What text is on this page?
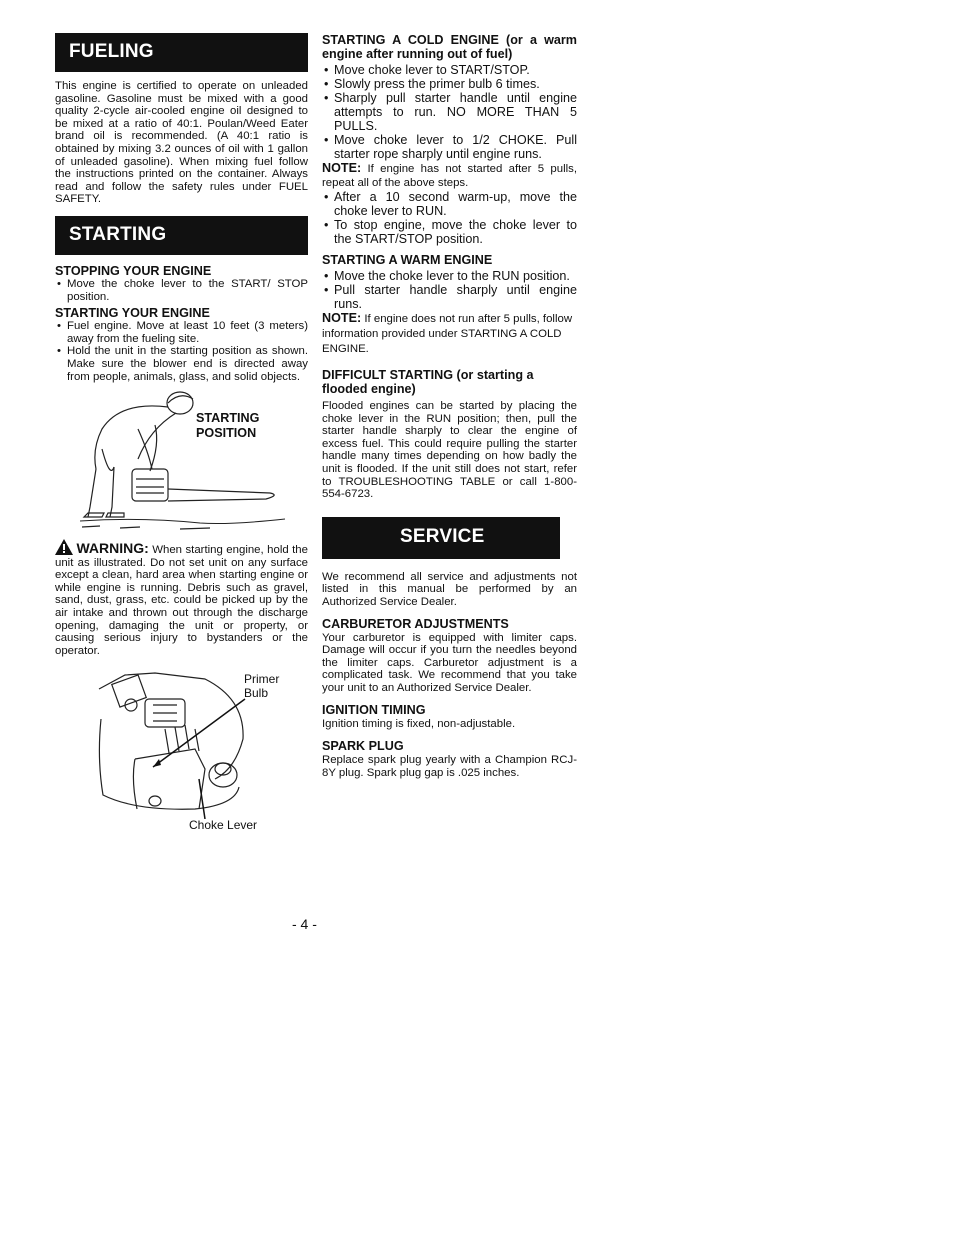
FUELING

This engine is certified to operate on unleaded gasoline. Gasoline must be mixed with a good quality 2-cycle air-cooled engine oil designed to be mixed at a ratio of 40:1. Poulan/Weed Eater brand oil is recommended. (A 40:1 ratio is obtained by mixing 3.2 ounces of oil with 1 gallon of unleaded gasoline). When mixing fuel follow the instructions printed on the container. Always read and follow the safety rules under FUEL SAFETY.

STARTING
STOPPING YOUR ENGINE
• Move the choke lever to the START/ STOP position.
STARTING YOUR ENGINE
• Fuel engine. Move at least 10 feet (3 meters) away from the fueling site.
• Hold the unit in the starting position as shown. Make sure the blower end is directed away from people, animals, glass, and solid objects.
STARTING
POSITION
WARNING: When starting engine, hold the unit as illustrated. Do not set unit on any surface except a clean, hard area when starting engine or while engine is running. Debris such as gravel, sand, dust, grass, etc. could be picked up by the air intake and thrown out through the discharge opening, damaging the unit or property, or causing serious injury to bystanders or the operator.
Primer
Bulb
Choke Lever
STARTING A COLD ENGINE (or a warm engine after running out of fuel)
• Move choke lever to START/STOP.
• Slowly press the primer bulb 6 times.
• Sharply pull starter handle until engine attempts to run. NO MORE THAN 5 PULLS.
• Move choke lever to 1/2 CHOKE. Pull starter rope sharply until engine runs.
NOTE: If engine has not started after 5 pulls, repeat all of the above steps.
• After a 10 second warm-up, move the choke lever to RUN.
• To stop engine, move the choke lever to the START/STOP position.
STARTING A WARM ENGINE
• Move the choke lever to the RUN position.
• Pull starter handle sharply until engine runs.
NOTE: If engine does not run after 5 pulls, follow information provided under STARTING A COLD ENGINE.
DIFFICULT STARTING (or starting a flooded engine)

Flooded engines can be started by placing the choke lever in the RUN position; then, pull the starter handle sharply to clear the engine of excess fuel. This could require pulling the starter handle many times depending on how badly the unit is flooded. If the unit still does not start, refer to TROUBLESHOOTING TABLE or call 1-800-554-6723.

SERVICE

We recommend all service and adjustments not listed in this manual be performed by an Authorized Service Dealer.

CARBURETOR ADJUSTMENTS

Your carburetor is equipped with limiter caps. Damage will occur if you turn the needles beyond the limiter caps. Carburetor adjustment is a complicated task. We recommend that you take your unit to an Authorized Service Dealer.

IGNITION TIMING

Ignition timing is fixed, non-adjustable.

SPARK PLUG

Replace spark plug yearly with a Champion RCJ-8Y plug. Spark plug gap is .025 inches.

- 4 -
